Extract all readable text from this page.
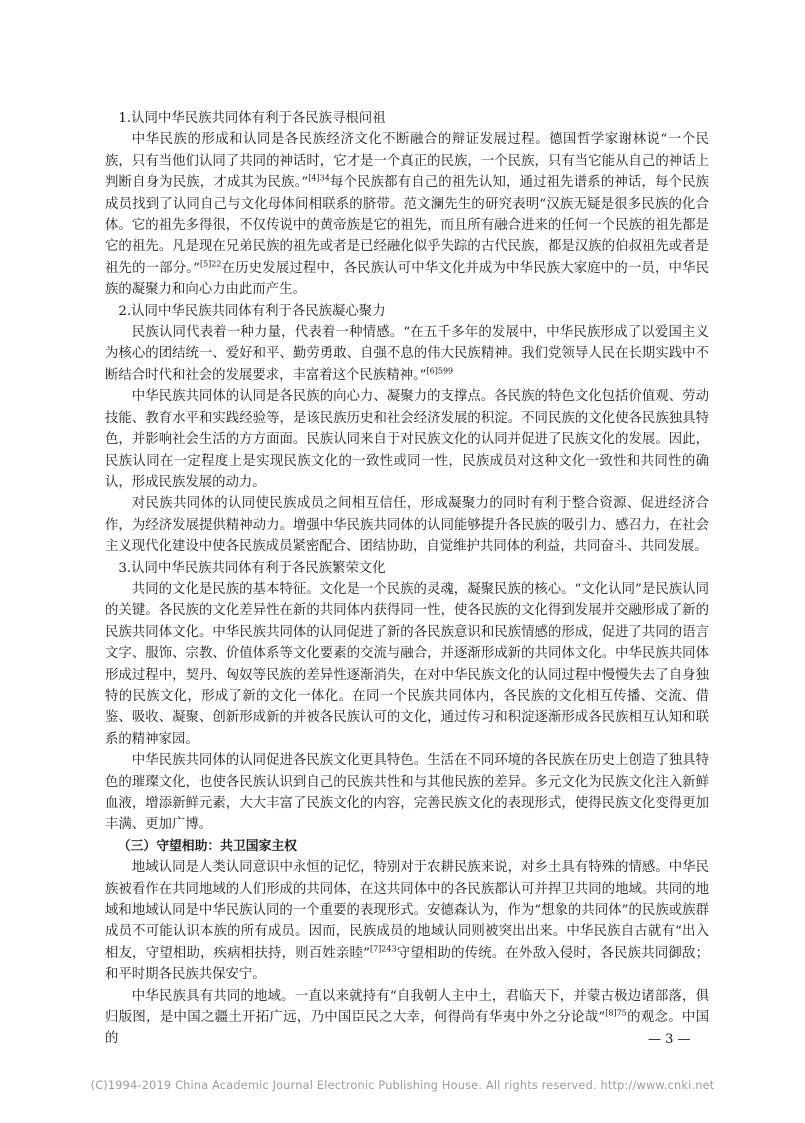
1.认同中华民族共同体有利于各民族寻根问祖

中华民族的形成和认同是各民族经济文化不断融合的辩证发展过程。德国哲学家谢林说“一个民族，只有当他们认同了共同的神话时，它才是一个真正的民族，一个民族，只有当它能从自己的神话上判断自身为民族，才成其为民族。”$^{[4]34}$每个民族都有自己的祖先认知，通过祖先谱系的神话，每个民族成员找到了认同自己与文化母体间相联系的脐带。范文澜先生的研究表明“汉族无疑是很多民族的化合体。它的祖先多得很，不仅传说中的黄帝族是它的祖先，而且所有融合进来的任何一个民族的祖先都是它的祖先。凡是现在兄弟民族的祖先或者是已经融化似乎失踪的古代民族，都是汉族的伯叔祖先或者是祖先的一部分。”$^{[5]22}$在历史发展过程中，各民族认可中华文化并成为中华民族大家庭中的一员，中华民族的凝聚力和向心力由此而产生。

2.认同中华民族共同体有利于各民族凝心聚力

民族认同代表着一种力量，代表着一种情感。“在五千多年的发展中，中华民族形成了以爱国主义为核心的团结统一、爱好和平、勤劳勇敢、自强不息的伟大民族精神。我们党领导人民在长期实践中不断结合时代和社会的发展要求，丰富着这个民族精神。”$^{[6]599}$

中华民族共同体的认同是各民族的向心力、凝聚力的支撑点。各民族的特色文化包括价值观、劳动技能、教育水平和实践经验等，是该民族历史和社会经济发展的积淀。不同民族的文化使各民族独具特色，并影响社会生活的方方面面。民族认同来自于对民族文化的认同并促进了民族文化的发展。因此，民族认同在一定程度上是实现民族文化的一致性或同一性，民族成员对这种文化一致性和共同性的确认，形成民族发展的动力。

对民族共同体的认同使民族成员之间相互信任，形成凝聚力的同时有利于整合资源、促进经济合作，为经济发展提供精神动力。增强中华民族共同体的认同能够提升各民族的吸引力、感召力，在社会主义现代化建设中使各民族成员紧密配合、团结协助，自觉维护共同体的利益，共同奋斗、共同发展。

3.认同中华民族共同体有利于各民族繁荣文化

共同的文化是民族的基本特征。文化是一个民族的灵魂，凝聚民族的核心。“文化认同”是民族认同的关键。各民族的文化差异性在新的共同体内获得同一性，使各民族的文化得到发展并交融形成了新的民族共同体文化。中华民族共同体的认同促进了新的各民族意识和民族情感的形成，促进了共同的语言文字、服饰、宗教、价值体系等文化要素的交流与融合，并逐渐形成新的共同体文化。中华民族共同体形成过程中，契丹、匈奴等民族的差异性逐渐消失，在对中华民族文化的认同过程中慢慢失去了自身独特的民族文化，形成了新的文化一体化。在同一个民族共同体内，各民族的文化相互传播、交流、借鉴、吸收、凝聚、创新形成新的并被各民族认可的文化，通过传习和积淀逐渐形成各民族相互认知和联系的精神家园。

中华民族共同体的认同促进各民族文化更具特色。生活在不同环境的各民族在历史上创造了独具特色的璀璨文化，也使各民族认识到自己的民族共性和与其他民族的差异。多元文化为民族文化注入新鲜血液，增添新鲜元素，大大丰富了民族文化的内容，完善民族文化的表现形式，使得民族文化变得更加丰满、更加广博。

（三）守望相助：共卫国家主权

地域认同是人类认同意识中永恒的记忆，特别对于农耕民族来说，对乡土具有特殊的情感。中华民族被看作在共同地域的人们形成的共同体，在这共同体中的各民族都认可并捍卫共同的地域。共同的地域和地域认同是中华民族认同的一个重要的表现形式。安德森认为，作为“想象的共同体”的民族或族群成员不可能认识本族的所有成员。因而，民族成员的地域认同则被突出出来。中华民族自古就有“出入相友，守望相助，疾病相扶持，则百姓亲睦”$^{[7]243}$守望相助的传统。在外敌入侵时，各民族共同御敌；和平时期各民族共保安宁。

中华民族具有共同的地域。一直以来就持有“自我朝人主中土，君临天下，并蒙古极边诸部落，俱归版图，是中国之疆土开拓广远，乃中国臣民之大幸，何得尚有华夷中外之分论哉”$^{[8]75}$的观念。中国的	— 3 —
(C)1994-2019 China Academic Journal Electronic Publishing House. All rights reserved. http://www.cnki.net
